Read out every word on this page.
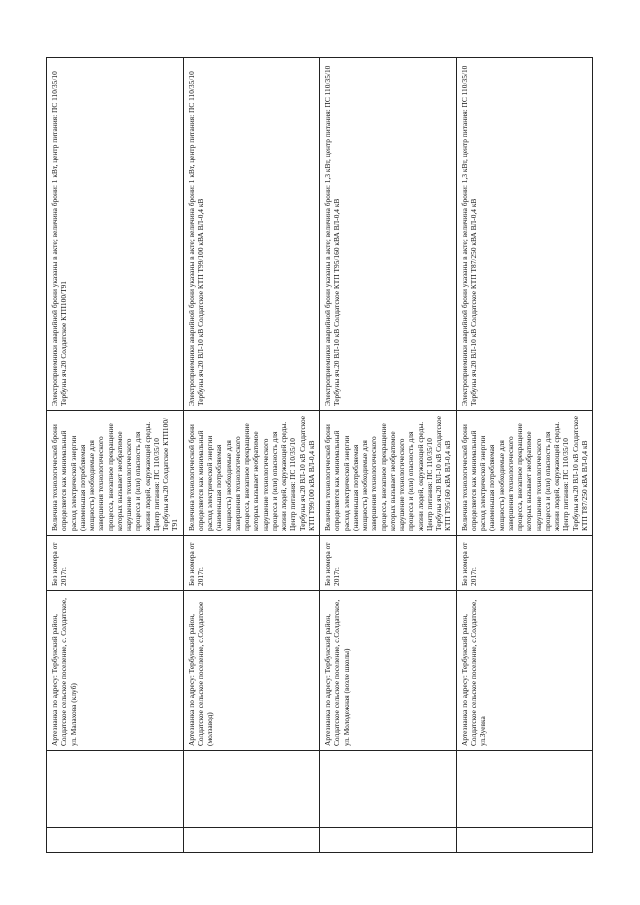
		Артезианка по адресу: Тербунский район, Солдатское сельское поселение, с. Солдатское, ул. Малахова (клуб)	Без номера от 2017г.	Величина технологической брони определяется как минимальный расход электрической энергии (наименьшая потребляемая мощность) необходимые для завершения технологического процесса, внезапное прекращение которых вызывает необратимое нарушение технологического процесса и (или) опасность для жизни людей, окружающей среды. Центр питания: ПС 110/35/10 Тербуны яч.20 Солдатское КТП100/Т91	Электроприемники аварийной брони указаны в акте; величина брони: 1 кВт, центр питания: ПС 110/35/10 Тербуны яч.20 Солдатское КТП100/Т91
		Артезианка по адресу: Тербунский район, Солдатское сельское поселение, с.Солдатское (молзавод)	Без номера от 2017г.	Величина технологической брони определяется как минимальный расход электрической энергии (наименьшая потребляемая мощность) необходимые для завершения технологического процесса, внезапное прекращение которых вызывает необратимое нарушение технологического процесса и (или) опасность для жизни людей, окружающей среды. Центр питания: ПС 110/35/10 Тербуны яч.20 ВЛ-10 кВ Солдатское КТП Т99/100 кВА ВЛ-0,4 кВ	Электроприемники аварийной брони указаны в акте; величина брони: 1 кВт, центр питания: ПС 110/35/10 Тербуны яч.20 ВЛ-10 кВ Солдатское КТП Т99/100 кВА ВЛ-0,4 кВ
		Артезианка по адресу: Тербунский район, Солдатское сельское поселение, с.Солдатское, ул. Молодежная (возле школы)	Без номера от 2017г.	Величина технологической брони определяется как минимальный расход электрической энергии (наименьшая потребляемая мощность) необходимые для завершения технологического процесса, внезапное прекращение которых вызывает необратимое нарушение технологического процесса и (или) опасность для жизни людей, окружающей среды. Центр питания: ПС 110/35/10 Тербуны яч.20 ВЛ-10 кВ Солдатское КТП Т95/160 кВА ВЛ-0,4 кВ	Электроприемники аварийной брони указаны в акте; величина брони: 1,3 кВт, центр питания: ПС 110/35/10 Тербуны яч.20 ВЛ-10 кВ Солдатское КТП Т95/160 кВА ВЛ-0,4 кВ
		Артезианка по адресу: Тербунский район, Солдатское сельское поселение, с.Солдатское, ул.Зуевка	Без номера от 2017г.	Величина технологической брони определяется как минимальный расход электрической энергии (наименьшая потребляемая мощность) необходимые для завершения технологического процесса, внезапное прекращение которых вызывает необратимое нарушение технологического процесса и (или) опасность для жизни людей, окружающей среды. Центр питания: ПС 110/35/10 Тербуны яч.20 ВЛ-10 кВ Солдатское КТП Т87/250 кВА ВЛ-0,4 кВ	Электроприемники аварийной брони указаны в акте; величина брони: 1,3 кВт, центр питания: ПС 110/35/10 Тербуны яч.20 ВЛ-10 кВ Солдатское КТП Т87/250 кВА ВЛ-0,4 кВ
